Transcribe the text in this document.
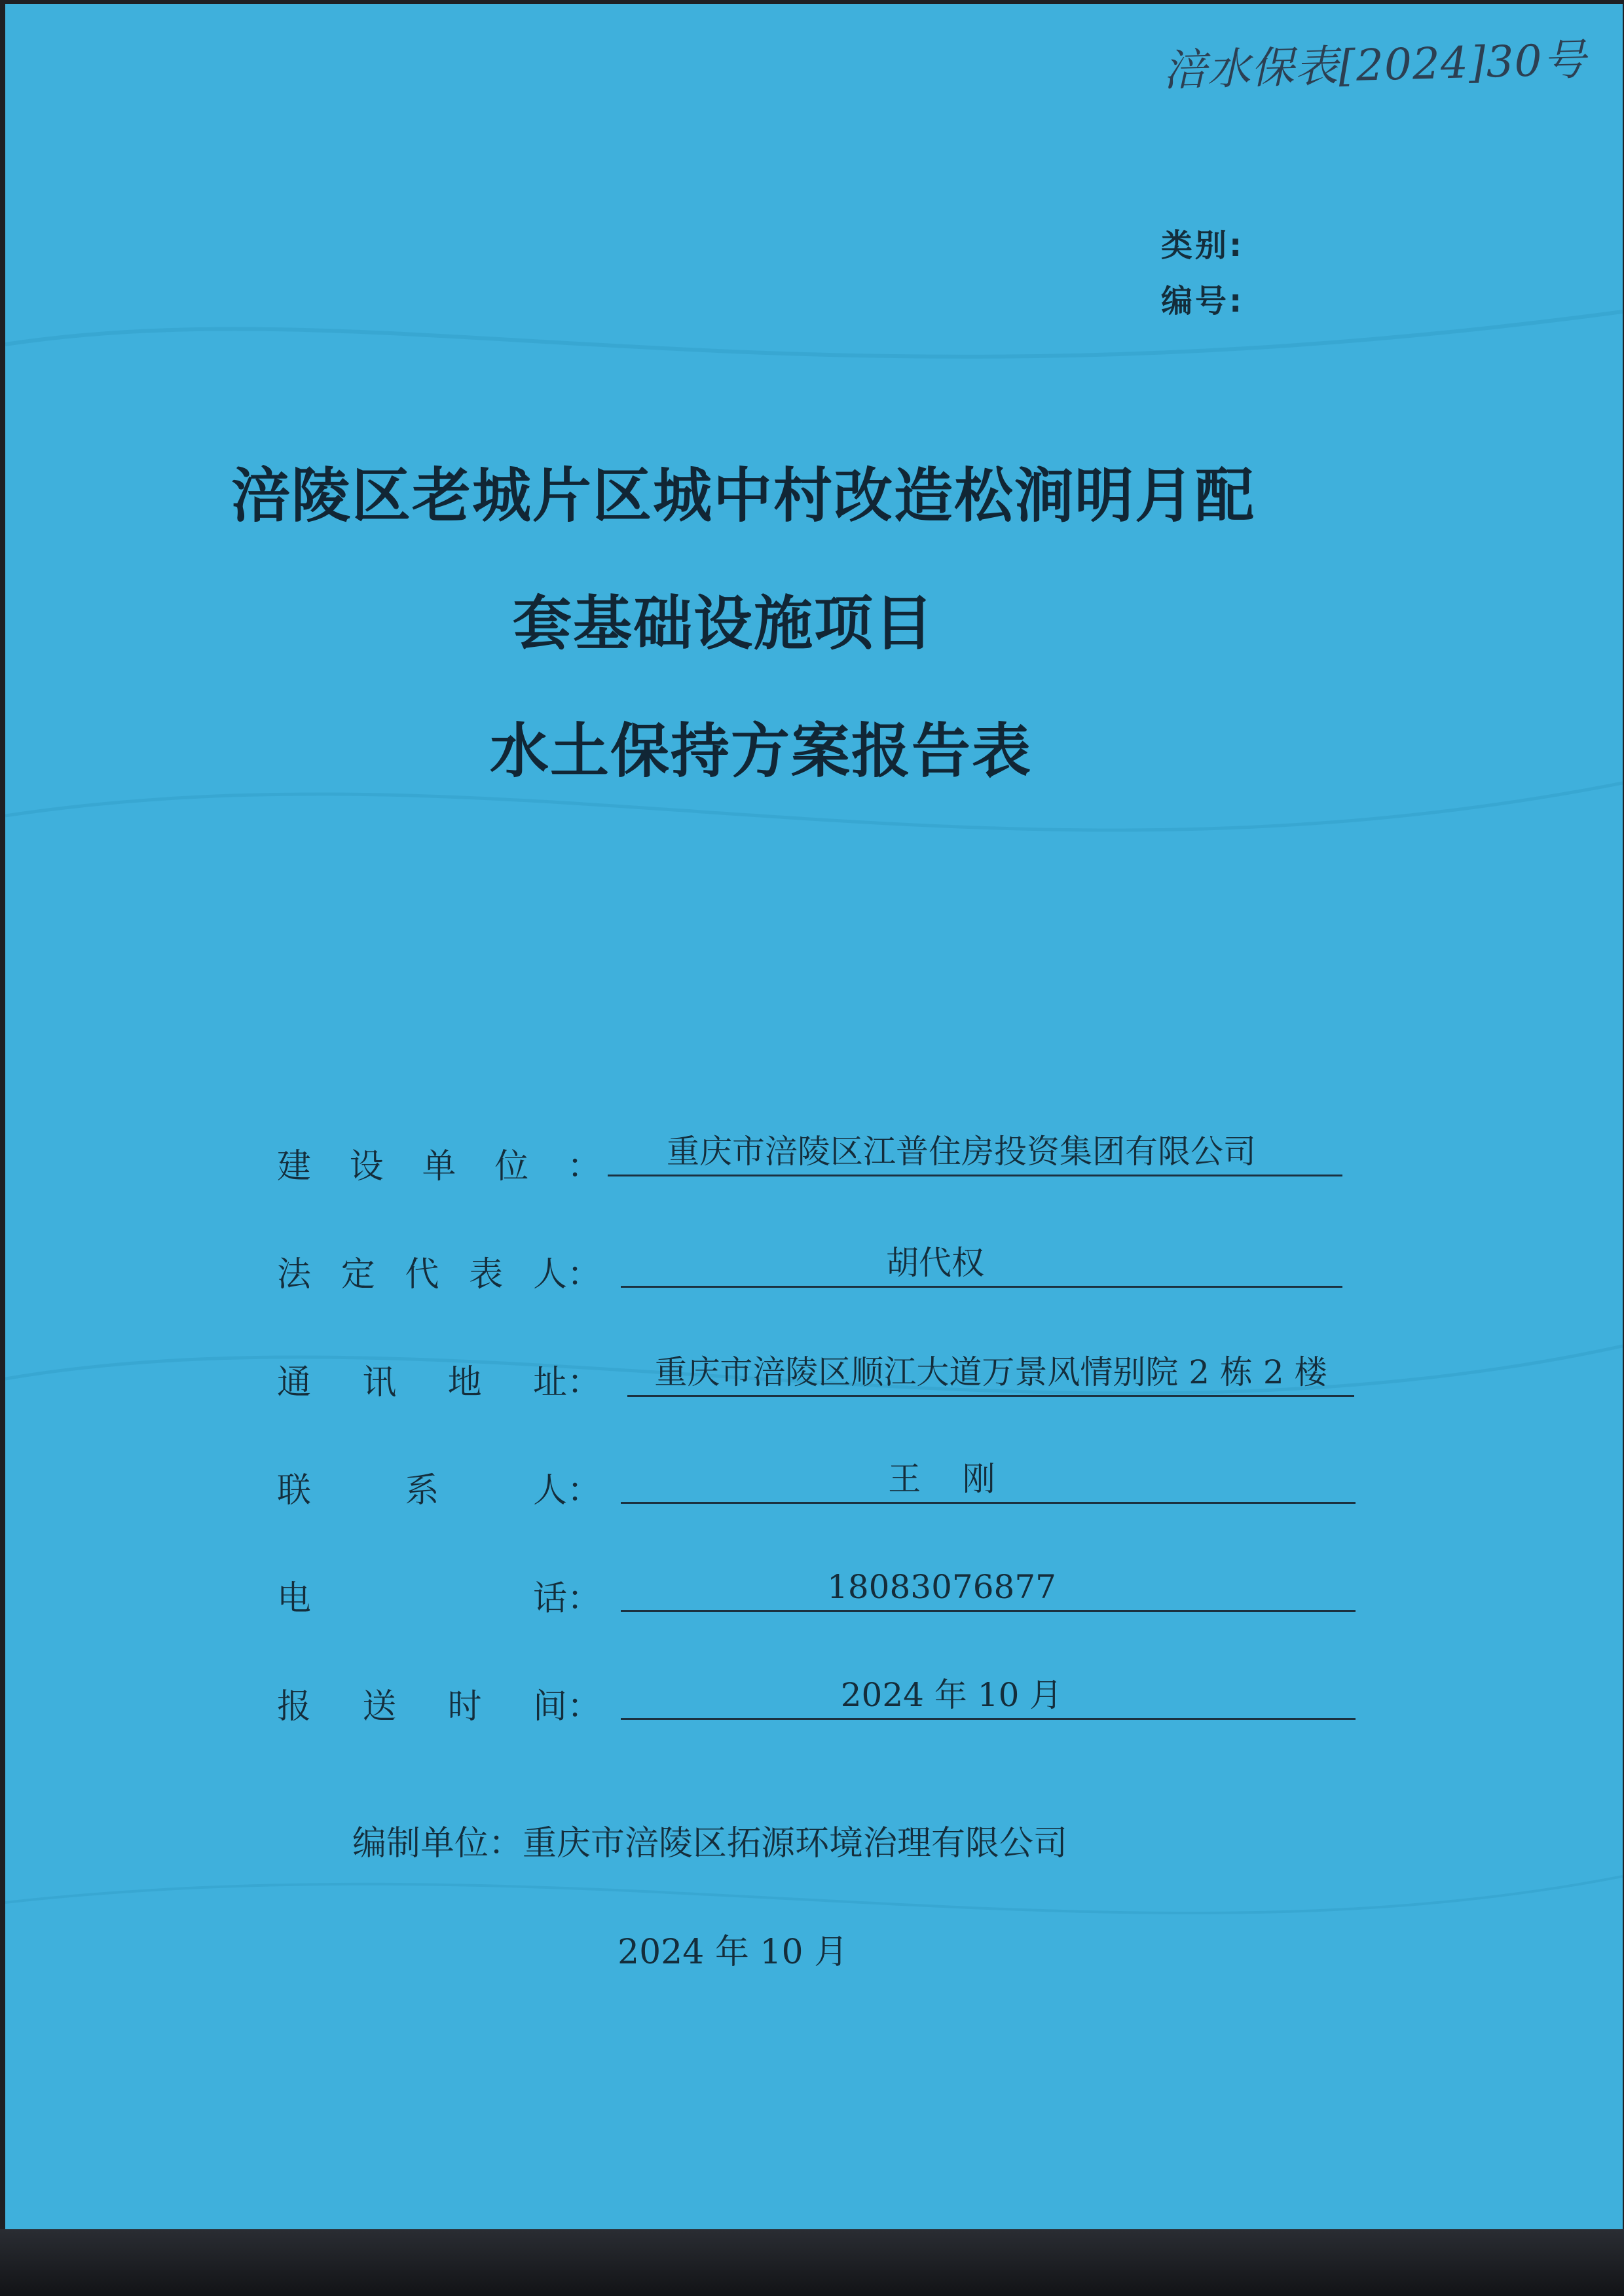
涪水保表[2024]30号
类别:
编号:
涪陵区老城片区城中村改造松涧明月配
套基础设施项目
水土保持方案报告表
建 设 单 位 ：	重庆市涪陵区江普住房投资集团有限公司
法 定 代 表 人：	胡代权
通 讯 地 址：	重庆市涪陵区顺江大道万景风情别院 2 栋 2 楼
联	系	人：	王    刚
电	话：	18083076877
报 送 时 间：	2024 年 10 月
编制单位：重庆市涪陵区拓源环境治理有限公司
2024 年 10 月
